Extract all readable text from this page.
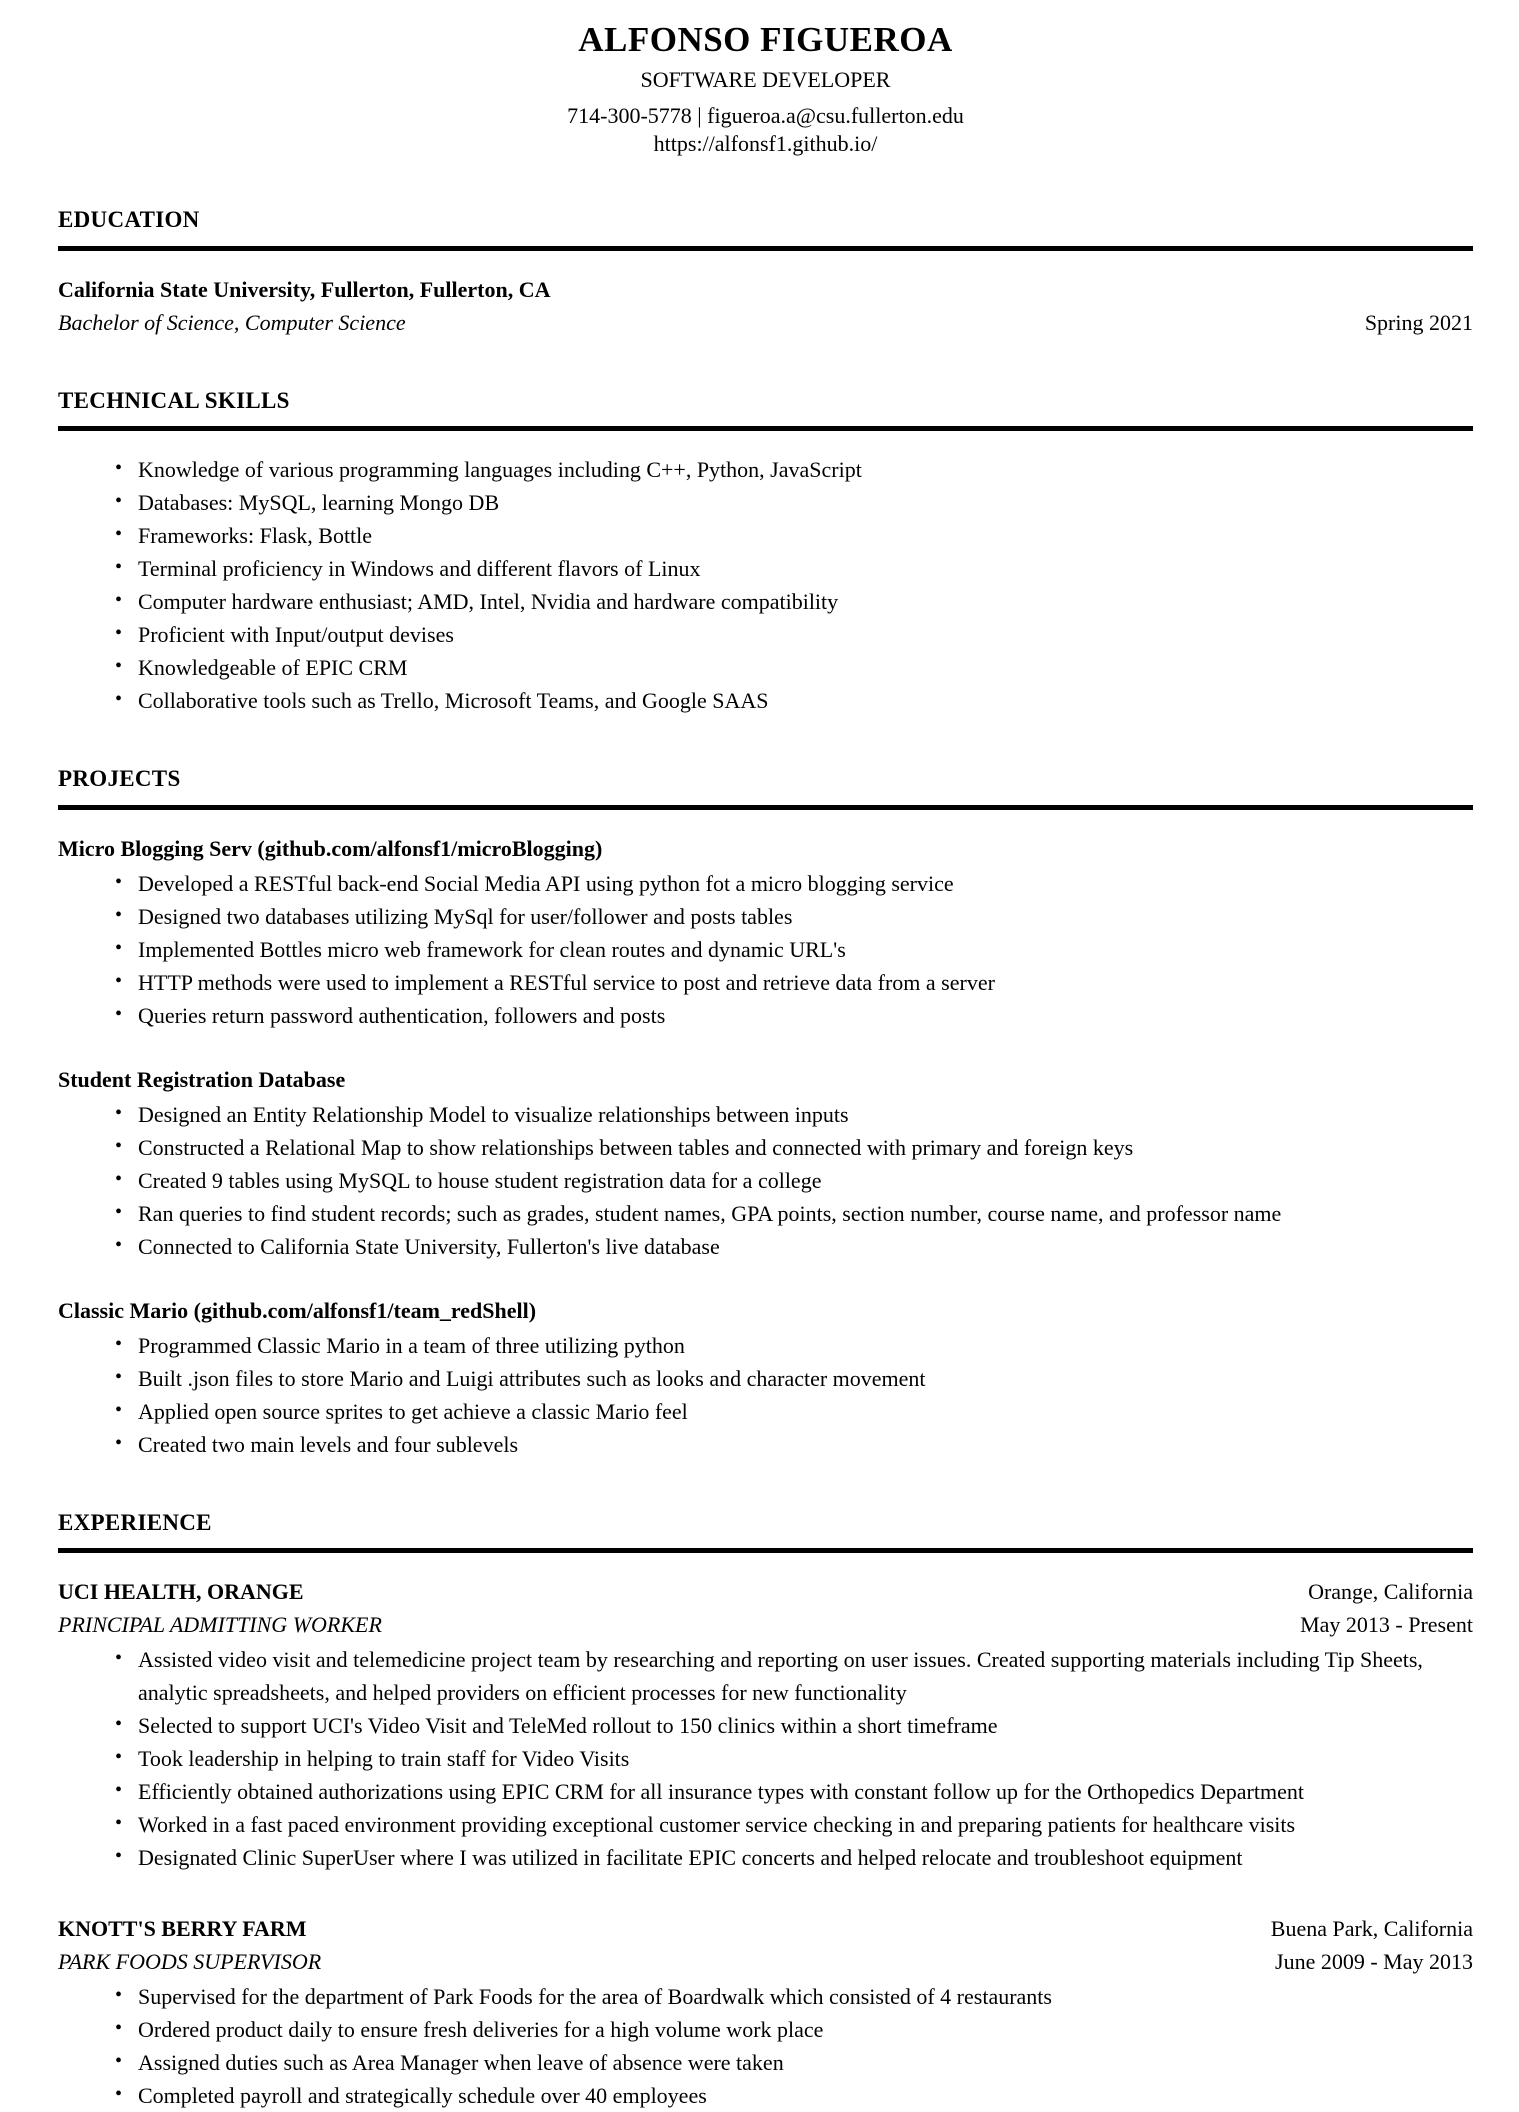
ALFONSO FIGUEROA
SOFTWARE DEVELOPER
714-300-5778 | figueroa.a@csu.fullerton.edu
https://alfonsf1.github.io/
EDUCATION
California State University, Fullerton, Fullerton, CA
Bachelor of Science, Computer Science	Spring 2021
TECHNICAL SKILLS
• Knowledge of various programming languages including C++, Python, JavaScript
• Databases: MySQL, learning Mongo DB
• Frameworks: Flask, Bottle
• Terminal proficiency in Windows and different flavors of Linux
• Computer hardware enthusiast; AMD, Intel, Nvidia and hardware compatibility
• Proficient with Input/output devises
• Knowledgeable of EPIC CRM
• Collaborative tools such as Trello, Microsoft Teams, and Google SAAS
PROJECTS

Micro Blogging Serv (github.com/alfonsf1/microBlogging)

• Developed a RESTful back-end Social Media API using python fot a micro blogging service
• Designed two databases utilizing MySql for user/follower and posts tables
• Implemented Bottles micro web framework for clean routes and dynamic URL's
• HTTP methods were used to implement a RESTful service to post and retrieve data from a server
• Queries return password authentication, followers and posts

Student Registration Database

• Designed an Entity Relationship Model to visualize relationships between inputs
• Constructed a Relational Map to show relationships between tables and connected with primary and foreign keys
• Created 9 tables using MySQL to house student registration data for a college
• Ran queries to find student records; such as grades, student names, GPA points, section number, course name, and professor name
• Connected to California State University, Fullerton's live database

Classic Mario (github.com/alfonsf1/team_redShell)

• Programmed Classic Mario in a team of three utilizing python
• Built .json files to store Mario and Luigi attributes such as looks and character movement
• Applied open source sprites to get achieve a classic Mario feel
• Created two main levels and four sublevels
EXPERIENCE
UCI HEALTH, ORANGE	Orange, California
PRINCIPAL ADMITTING WORKER	May 2013 - Present
• Assisted video visit and telemedicine project team by researching and reporting on user issues. Created supporting materials including Tip Sheets, analytic spreadsheets, and helped providers on efficient processes for new functionality
• Selected to support UCI's Video Visit and TeleMed rollout to 150 clinics within a short timeframe
• Took leadership in helping to train staff for Video Visits
• Efficiently obtained authorizations using EPIC CRM for all insurance types with constant follow up for the Orthopedics Department
• Worked in a fast paced environment providing exceptional customer service checking in and preparing patients for healthcare visits
• Designated Clinic SuperUser where I was utilized in facilitate EPIC concerts and helped relocate and troubleshoot equipment
KNOTT'S BERRY FARM	Buena Park, California
PARK FOODS SUPERVISOR	June 2009 - May 2013
• Supervised for the department of Park Foods for the area of Boardwalk which consisted of 4 restaurants
• Ordered product daily to ensure fresh deliveries for a high volume work place
• Assigned duties such as Area Manager when leave of absence were taken
• Completed payroll and strategically schedule over 40 employees
